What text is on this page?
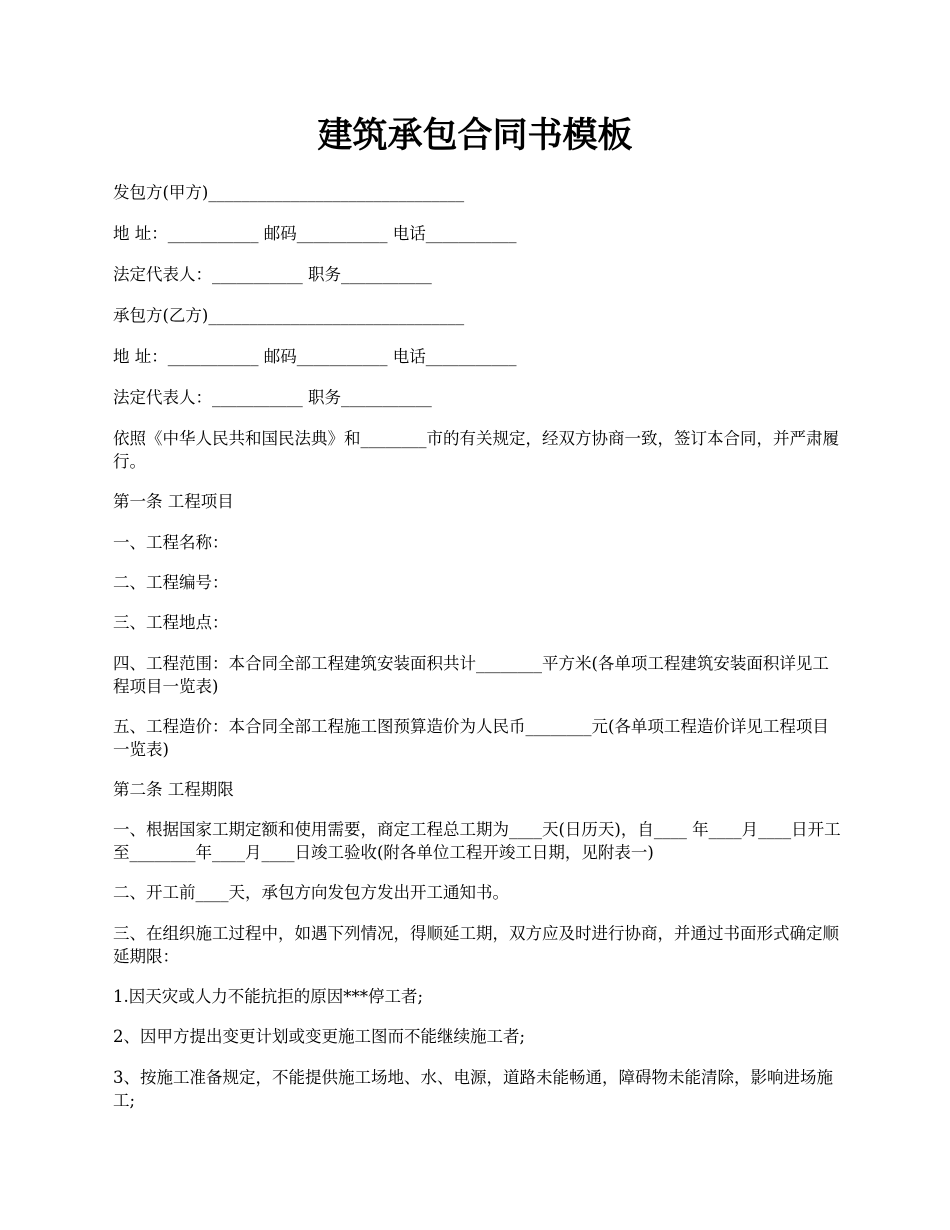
建筑承包合同书模板

发包方(甲方)_______________________________

地 址：___________ 邮码___________ 电话___________

法定代表人：___________ 职务___________

承包方(乙方)_______________________________

地 址：___________ 邮码___________ 电话___________

法定代表人：___________ 职务___________

依照《中华人民共和国民法典》和________市的有关规定，经双方协商一致，签订本合同，并严肃履行。

第一条 工程项目

一、工程名称：

二、工程编号：

三、工程地点：

四、工程范围：本合同全部工程建筑安装面积共计________平方米(各单项工程建筑安装面积详见工程项目一览表)

五、工程造价：本合同全部工程施工图预算造价为人民币________元(各单项工程造价详见工程项目一览表)

第二条 工程期限

一、根据国家工期定额和使用需要，商定工程总工期为____天(日历天)，自____ 年____月____日开工至________年____月____日竣工验收(附各单位工程开竣工日期，见附表一)

二、开工前____天，承包方向发包方发出开工通知书。

三、在组织施工过程中，如遇下列情况，得顺延工期，双方应及时进行协商，并通过书面形式确定顺延期限：

1.因天灾或人力不能抗拒的原因***停工者;

2、因甲方提出变更计划或变更施工图而不能继续施工者;

3、按施工准备规定，不能提供施工场地、水、电源，道路未能畅通，障碍物未能清除，影响进场施工;
